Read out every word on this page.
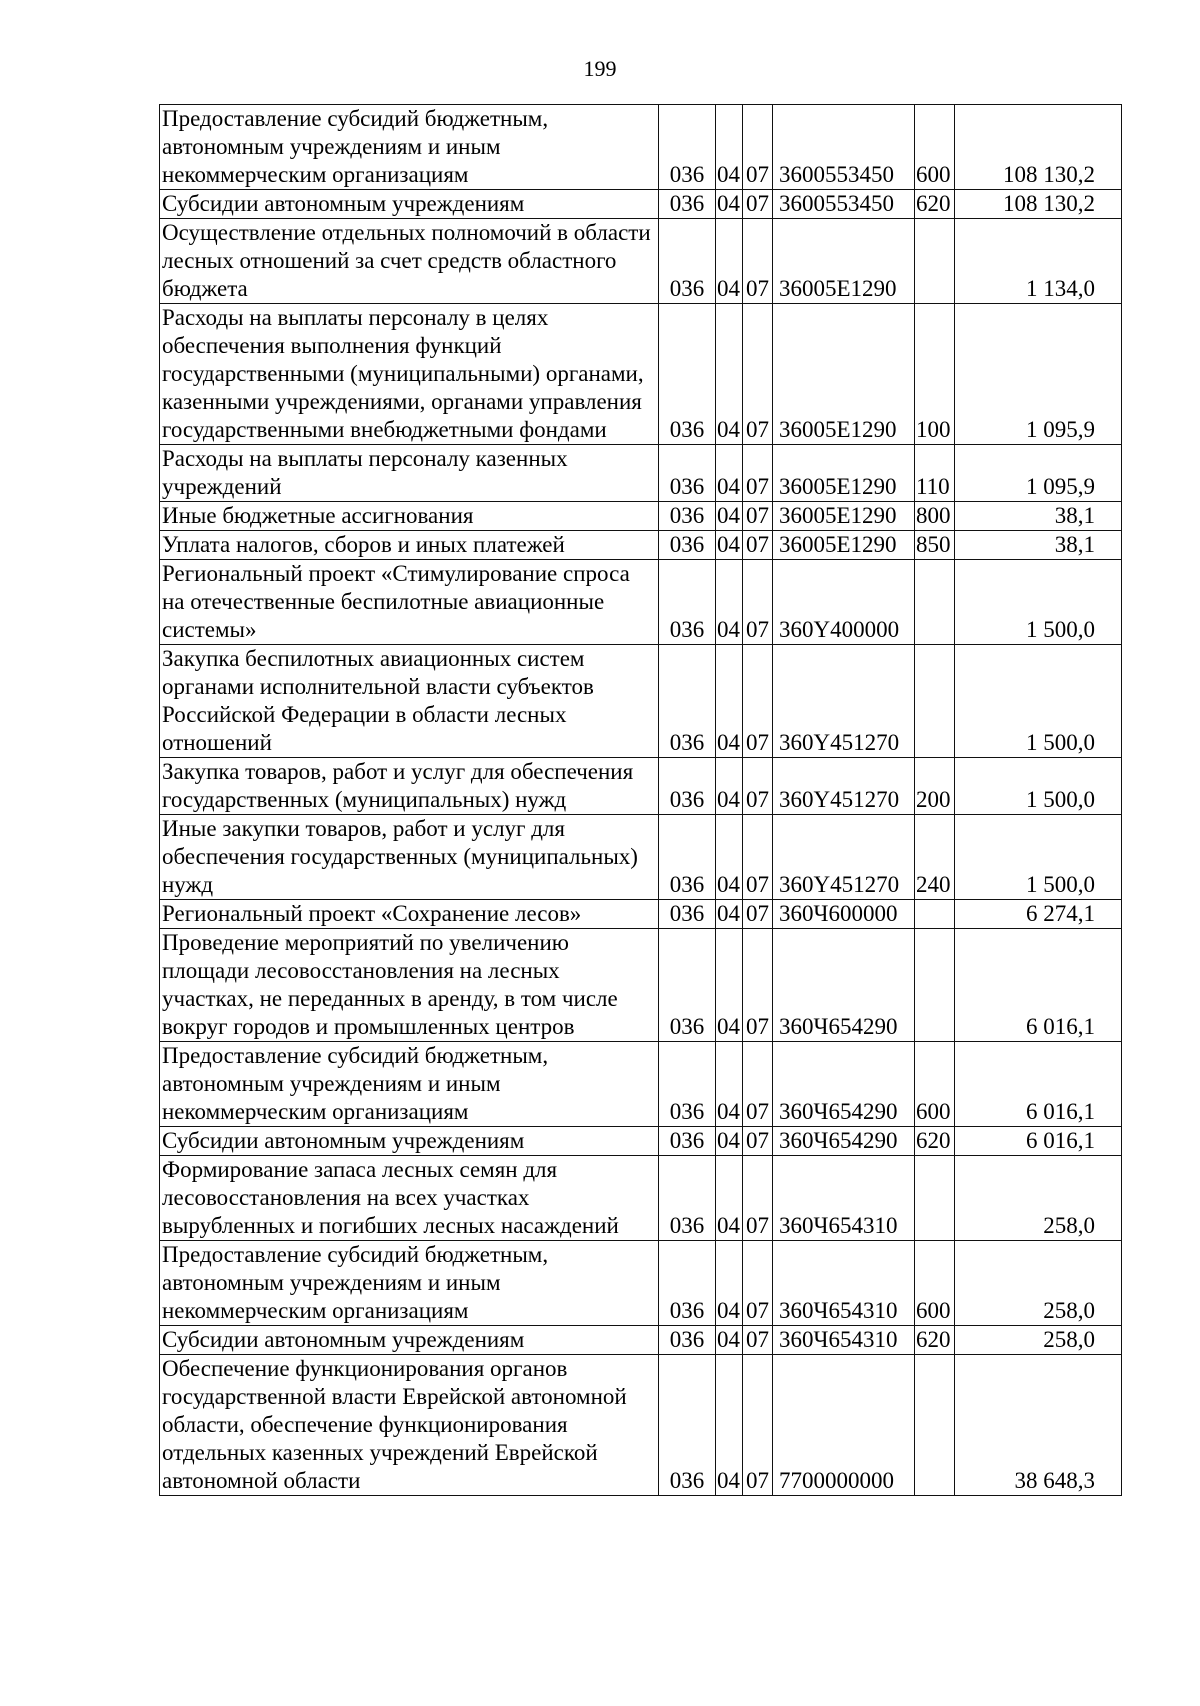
199
Предоставление субсидий бюджетным, автономным учреждениям и иным некоммерческим организациям	036	04	07	3600553450	600	108 130,2
Субсидии автономным учреждениям	036	04	07	3600553450	620	108 130,2
Осуществление отдельных полномочий в области лесных отношений за счет средств областного бюджета	036	04	07	36005E1290		1 134,0
Расходы на выплаты персоналу в целях обеспечения выполнения функций государственными (муниципальными) органами, казенными учреждениями, органами управления государственными внебюджетными фондами	036	04	07	36005E1290	100	1 095,9
Расходы на выплаты персоналу казенных учреждений	036	04	07	36005E1290	110	1 095,9
Иные бюджетные ассигнования	036	04	07	36005E1290	800	38,1
Уплата налогов, сборов и иных платежей	036	04	07	36005E1290	850	38,1
Региональный проект «Стимулирование спроса на отечественные беспилотные авиационные системы»	036	04	07	360Y400000		1 500,0
Закупка беспилотных авиационных систем органами исполнительной власти субъектов Российской Федерации в области лесных отношений	036	04	07	360Y451270		1 500,0
Закупка товаров, работ и услуг для обеспечения государственных (муниципальных) нужд	036	04	07	360Y451270	200	1 500,0
Иные закупки товаров, работ и услуг для обеспечения государственных (муниципальных) нужд	036	04	07	360Y451270	240	1 500,0
Региональный проект «Сохранение лесов»	036	04	07	360Ч600000		6 274,1
Проведение мероприятий по увеличению площади лесовосстановления на лесных участках, не переданных в аренду, в том числе вокруг городов и промышленных центров	036	04	07	360Ч654290		6 016,1
Предоставление субсидий бюджетным, автономным учреждениям и иным некоммерческим организациям	036	04	07	360Ч654290	600	6 016,1
Субсидии автономным учреждениям	036	04	07	360Ч654290	620	6 016,1
Формирование запаса лесных семян для лесовосстановления на всех участках вырубленных и погибших лесных насаждений	036	04	07	360Ч654310		258,0
Предоставление субсидий бюджетным, автономным учреждениям и иным некоммерческим организациям	036	04	07	360Ч654310	600	258,0
Субсидии автономным учреждениям	036	04	07	360Ч654310	620	258,0
Обеспечение функционирования органов государственной власти Еврейской автономной области, обеспечение функционирования отдельных казенных учреждений Еврейской автономной области	036	04	07	7700000000		38 648,3
